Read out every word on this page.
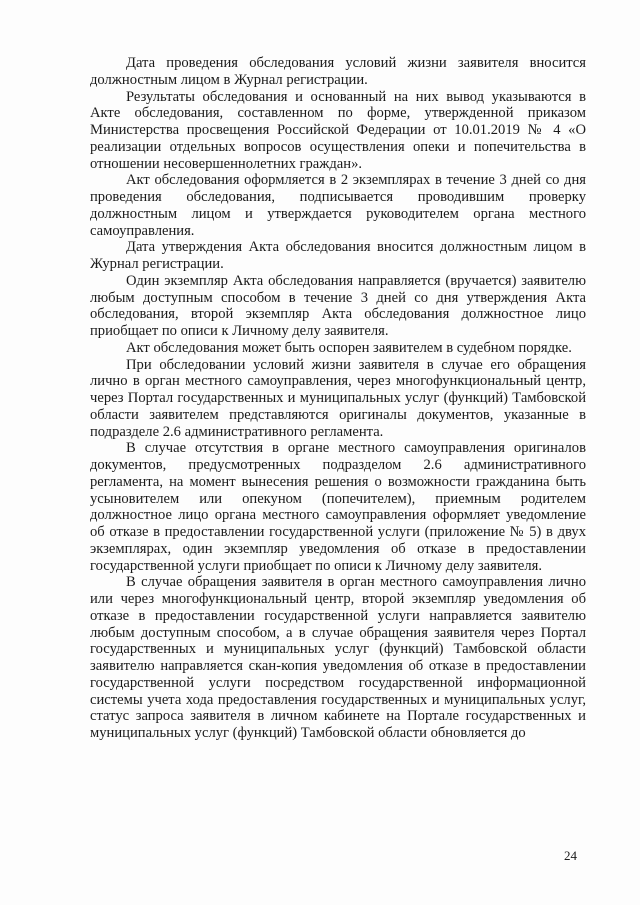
Дата проведения обследования условий жизни заявителя вносится должностным лицом в Журнал регистрации.

Результаты обследования и основанный на них вывод указываются в Акте обследования, составленном по форме, утвержденной приказом Министерства просвещения Российской Федерации от 10.01.2019 № 4 «О реализации отдельных вопросов осуществления опеки и попечительства в отношении несовершеннолетних граждан».

Акт обследования оформляется в 2 экземплярах в течение 3 дней со дня проведения обследования, подписывается проводившим проверку должностным лицом и утверждается руководителем органа местного самоуправления.

Дата утверждения Акта обследования вносится должностным лицом в Журнал регистрации.

Один экземпляр Акта обследования направляется (вручается) заявителю любым доступным способом в течение 3 дней со дня утверждения Акта обследования, второй экземпляр Акта обследования должностное лицо приобщает по описи к Личному делу заявителя.

Акт обследования может быть оспорен заявителем в судебном порядке.

При обследовании условий жизни заявителя в случае его обращения лично в орган местного самоуправления, через многофункциональный центр, через Портал государственных и муниципальных услуг (функций) Тамбовской области заявителем представляются оригиналы документов, указанные в подразделе 2.6 административного регламента.

В случае отсутствия в органе местного самоуправления оригиналов документов, предусмотренных подразделом 2.6 административного регламента, на момент вынесения решения о возможности гражданина быть усыновителем или опекуном (попечителем), приемным родителем должностное лицо органа местного самоуправления оформляет уведомление об отказе в предоставлении государственной услуги (приложение № 5) в двух экземплярах, один экземпляр уведомления об отказе в предоставлении государственной услуги приобщает по описи к Личному делу заявителя.

В случае обращения заявителя в орган местного самоуправления лично или через многофункциональный центр, второй экземпляр уведомления об отказе в предоставлении государственной услуги направляется заявителю любым доступным способом, а в случае обращения заявителя через Портал государственных и муниципальных услуг (функций) Тамбовской области заявителю направляется скан-копия уведомления об отказе в предоставлении государственной услуги посредством государственной информационной системы учета хода предоставления государственных и муниципальных услуг, статус запроса заявителя в личном кабинете на Портале государственных и муниципальных услуг (функций) Тамбовской области обновляется до

24
